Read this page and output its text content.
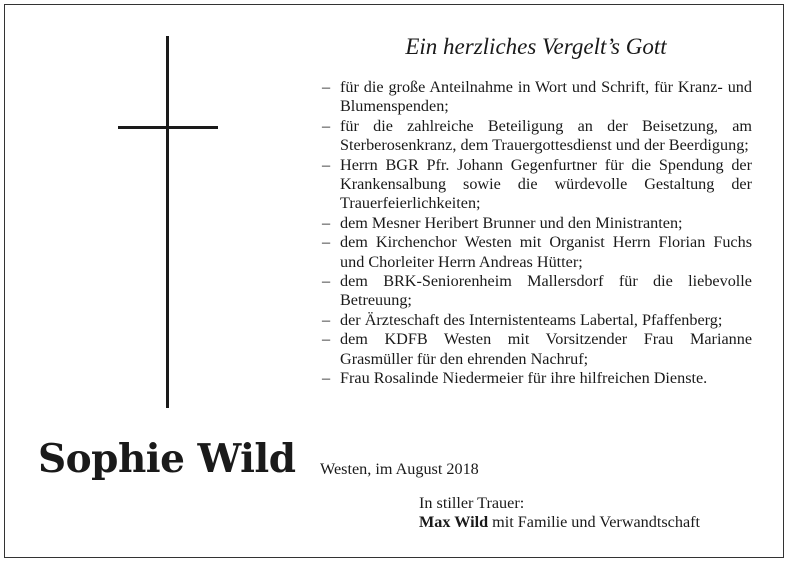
Sophie Wild
Ein herzliches Vergelt’s Gott
– für die große Anteilnahme in Wort und Schrift, für Kranz- und Blumenspenden;
– für die zahlreiche Beteiligung an der Beisetzung, am Sterberosenkranz, dem Trauergottesdienst und der Beerdigung;
– Herrn BGR Pfr. Johann Gegenfurtner für die Spendung der Krankensalbung sowie die würdevolle Gestaltung der Trauerfeierlichkeiten;
– dem Mesner Heribert Brunner und den Ministranten;
– dem Kirchenchor Westen mit Organist Herrn Florian Fuchs und Chorleiter Herrn Andreas Hütter;
– dem BRK-Seniorenheim Mallersdorf für die liebevolle Betreuung;
– der Ärzteschaft des Internistenteams Labertal, Pfaffenberg;
– dem KDFB Westen mit Vorsitzender Frau Marianne Grasmüller für den ehrenden Nachruf;
– Frau Rosalinde Niedermeier für ihre hilfreichen Dienste.
Westen, im August 2018
In stiller Trauer:
Max Wild mit Familie und Verwandtschaft
